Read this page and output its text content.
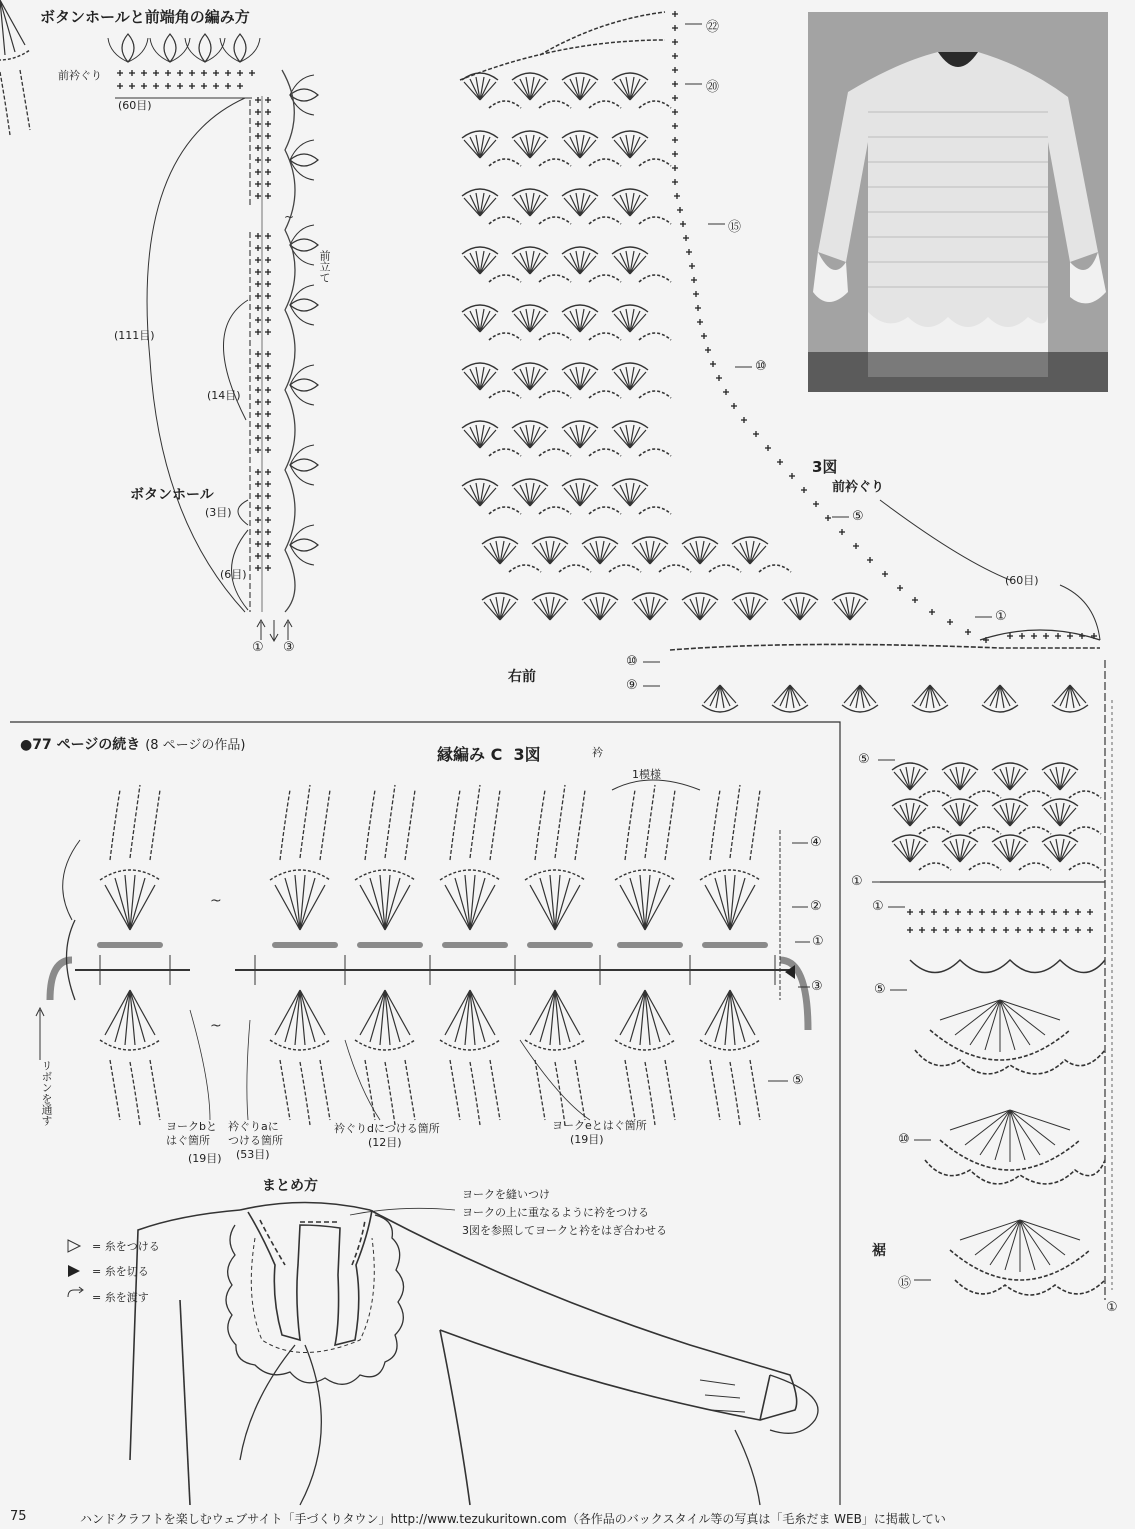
~
~
~
ボタンホールと前端角の編み方
前衿ぐり
(60目)
前立て
(111目)
(14目)
ボタンホール
(3目)
(6目)
① ③
㉒
⑳
⑮
⑩
3図
前衿ぐり
⑤
(60目)
①
⑩
⑨
右前
⑤
①
①
⑤
⑩
裾
⑮
①
●77 ページの続き (8 ページの作品)	縁編み C 3図	衿
1模様
リボンを通す
ヨークbと
はぐ箇所
(19目)
衿ぐりaに
つける箇所
(53目)
衿ぐりdにつける箇所
(12目)
ヨークeとはぐ箇所
(19目)
④
②
①
③
⑤
まとめ方
ヨークを縫いつけ
ヨークの上に重なるように衿をつける
3図を参照してヨークと衿をはぎ合わせる
= 糸をつける
= 糸を切る
= 糸を渡す
75	ハンドクラフトを楽しむウェブサイト「手づくりタウン」http://www.tezukuritown.com（各作品のバックスタイル等の写真は「毛糸だま WEB」に掲載してい
